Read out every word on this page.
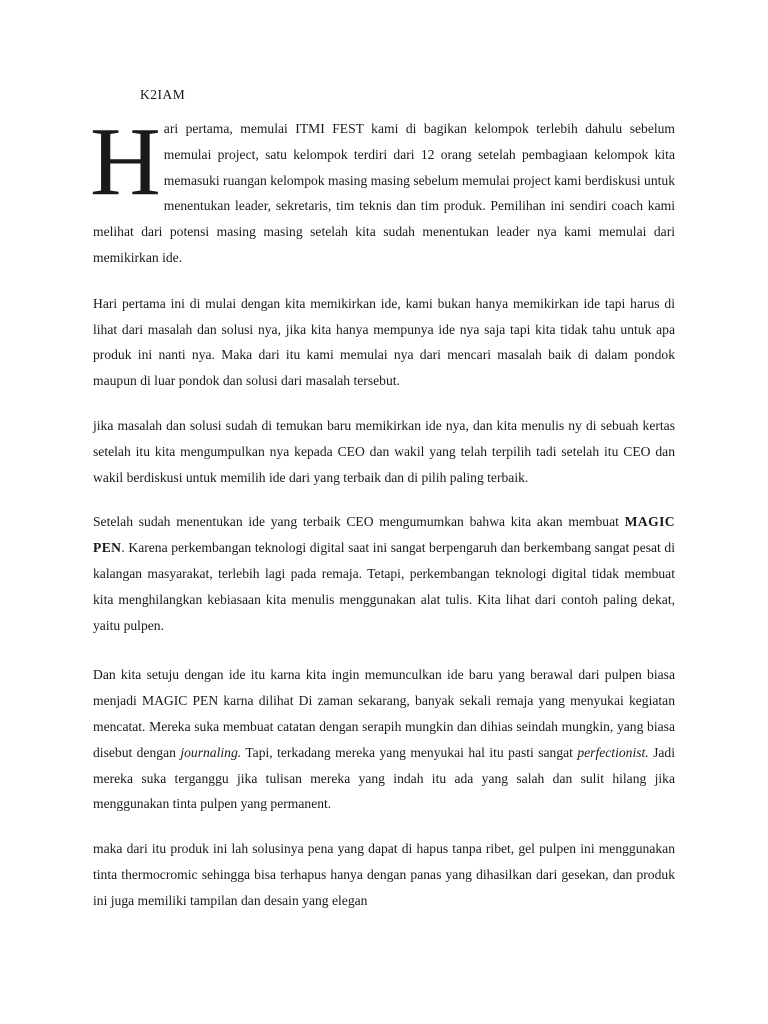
K2IAM

Hari pertama, memulai ITMI FEST kami di bagikan kelompok terlebih dahulu sebelum memulai project, satu kelompok terdiri dari 12 orang setelah pembagiaan kelompok kita memasuki ruangan kelompok masing masing sebelum memulai project kami berdiskusi untuk menentukan leader, sekretaris, tim teknis dan tim produk. Pemilihan ini sendiri coach kami melihat dari potensi masing masing setelah kita sudah menentukan leader nya kami memulai dari memikirkan ide.

Hari pertama ini di mulai dengan kita memikirkan ide, kami bukan hanya memikirkan ide tapi harus di lihat dari masalah dan solusi nya, jika kita hanya mempunya ide nya saja tapi kita tidak tahu untuk apa produk ini nanti nya. Maka dari itu kami memulai nya dari mencari masalah baik di dalam pondok maupun di luar pondok dan solusi dari masalah tersebut.

jika masalah dan solusi sudah di temukan baru memikirkan ide nya, dan kita menulis ny di sebuah kertas setelah itu kita mengumpulkan nya kepada CEO dan wakil yang telah terpilih tadi setelah itu CEO dan wakil berdiskusi untuk memilih ide dari yang terbaik dan di pilih paling terbaik.

Setelah sudah menentukan ide yang terbaik CEO mengumumkan bahwa kita akan membuat MAGIC PEN. Karena perkembangan teknologi digital saat ini sangat berpengaruh dan berkembang sangat pesat di kalangan masyarakat, terlebih lagi pada remaja. Tetapi, perkembangan teknologi digital tidak membuat kita menghilangkan kebiasaan kita menulis menggunakan alat tulis. Kita lihat dari contoh paling dekat, yaitu pulpen.

Dan kita setuju dengan ide itu karna kita ingin memunculkan ide baru yang berawal dari pulpen biasa menjadi MAGIC PEN karna dilihat Di zaman sekarang, banyak sekali remaja yang menyukai kegiatan mencatat. Mereka suka membuat catatan dengan serapih mungkin dan dihias seindah mungkin, yang biasa disebut dengan journaling. Tapi, terkadang mereka yang menyukai hal itu pasti sangat perfectionist. Jadi mereka suka terganggu jika tulisan mereka yang indah itu ada yang salah dan sulit hilang jika menggunakan tinta pulpen yang permanent.

maka dari itu produk ini lah solusinya pena yang dapat di hapus tanpa ribet, gel pulpen ini menggunakan tinta thermocromic sehingga bisa terhapus hanya dengan panas yang dihasilkan dari gesekan, dan produk ini juga memiliki tampilan dan desain yang elegan
